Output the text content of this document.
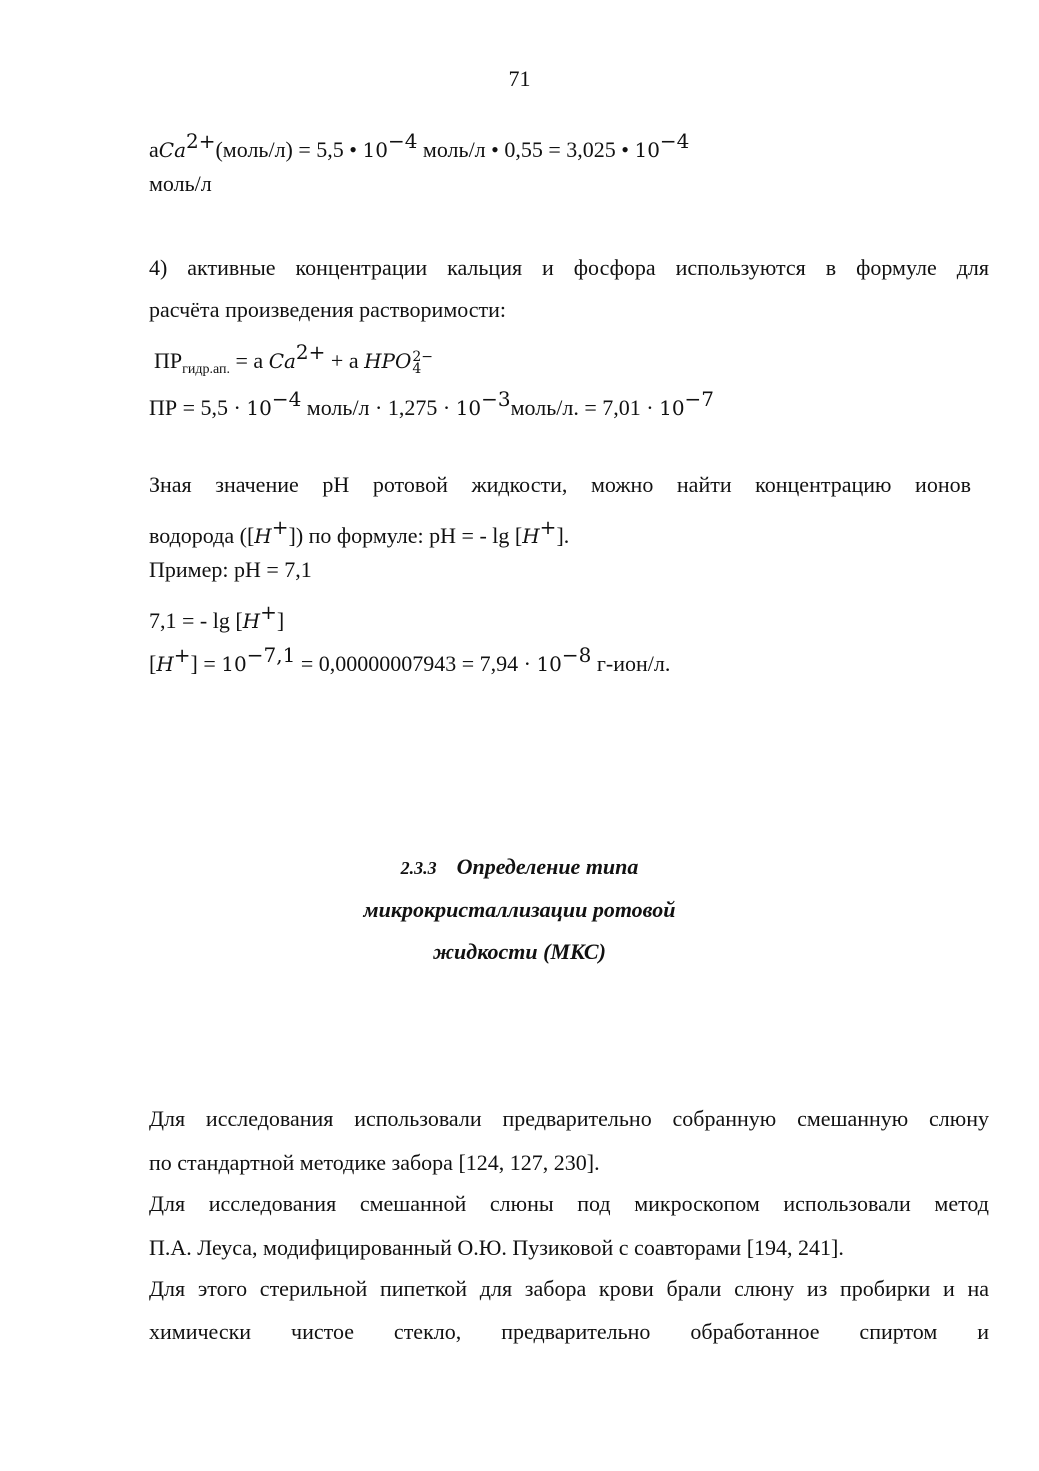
71
aCa$^{2+}$(моль/л) = 5,5 • $10^{-4}$ моль/л • 0,55 = 3,025 • $10^{-4}$
моль/л
4) активные концентрации кальция и фосфора используются в формуле для
расчёта произведения растворимости:
$ПР_{гидр.ап.} = a$ $Ca^{2+} + a$ HPO 2−
4
ПР = $5,5 \cdot 10^{-4}$ моль/л · $1,275 \cdot 10^{-3}моль/л$. = $7,01 \cdot 10^{-7}$
Зная значение рН ротовой жидкости, можно найти концентрацию ионов
водорода ([H+]) по формуле: pH = - lg [H+].
Пример: pH = 7,1
7,1 = - lg [H+]
$[H^+] = 10^{-7,1} = 0,00000007943 = 7,94 \cdot 10^{-8}$ г-ион/л.
2.3.3 Определение типа
микрокристаллизации ротовой
жидкости (МКС)
Для исследования использовали предварительно собранную смешанную слюну
по стандартной методике забора [124, 127, 230].
Для исследования смешанной слюны под микроскопом использовали метод
П.А. Леуса, модифицированный О.Ю. Пузиковой с соавторами [194, 241].
Для этого стерильной пипеткой для забора крови брали слюну из пробирки и на
химически чистое стекло, предварительно обработанное спиртом и
